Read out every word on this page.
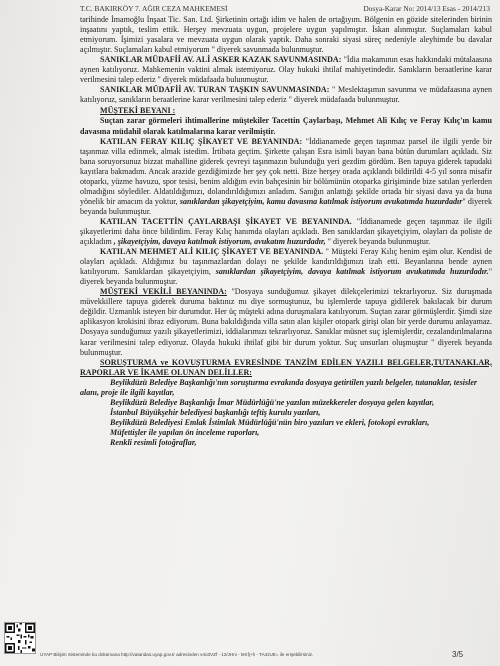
T.C. BAKIRKÖY 7. AĞIR CEZA MAHKEMESİ	Dosya-Karar No: 2014/13 Esas - 2014/213

tarihinde İmamoğlu İnşaat Tic. San. Ltd. Şirketinin ortağı idim ve halen de ortağıyım. Bölgenin en gözide sitelerinden birinin inşaatını yaptık, teslim ettik. Herşey mevzuata uygun, projelere uygun yapılmıştır. İskan alınmıştır. Suçlamaları kabul etmiyorum. İşimizi yasalara ve mevzuata uygun olarak yaptık. Daha sonraki siyasi süreç nedeniyle aleyhimde bu davalar açılmıştır. Suçlamaları kabul etmiyorum " diyerek savunmada bulunmuştur.

SANIKLAR MÜDAFİİ AV. ALİ ASKER KAZAK SAVUNMASINDA: "İdia makamının esas hakkındaki mütalaasına aynen katılıyoruz. Mahkemenin vaktini almak istemiyoruz. Olay hukuki ihtilaf mahiyetindedir. Sanıkların beraatlerine karar verilmesini talep ederiz " diyerek müdafaada bulunmuştur.

SANIKLAR MÜDAFİİ AV. TURAN TAŞKIN SAVUNMASINDA: " Meslektaşımın savunma ve müdafaasına aynen katılıyoruz, sanıkların beraatlerine karar verilmesini talep ederiz " diyerek müdafaada bulunmuştur.

MÜŞTEKİ BEYANI :

Suçtan zarar görmeleri ihtimallerine müştekiler Tacettin Çaylarbaşı, Mehmet Ali Kılıç ve Feray Kılıç'ın kamu davasına müdahil olarak katılmalarına karar verilmiştir.

KATILAN FERAY KILIÇ ŞİKAYET VE BEYANINDA: "İddianamede geçen taşınmaz parsel ile ilgili yerde bir taşınmaz villa edinmek, almak istedim. İrtibata geçtim. Şirkette çalışan Esra isimli bayan bana bütün durumları açıkladı. Siz bana soruyorsunuz bizzat mahalline giderek çevreyi taşınmazın bulunduğu yeri gezdim gördüm. Ben tapuya giderek tapudaki kayıtlara bakmadım. Ancak arazide gezdiğimizde her şey çok netti. Bize herşey orada açıklandı bildirildi 4-5 yıl sonra misafir otoparkı, yüzme havuzu, spor tesisi, benim aldığım evin bahçesinin bir bölümünün otoparka girişiminde bize satılan yerlerden olmadığını söylediler. Aldatıldığımızı, dolandırıldığımızı anladım. Sanığın anlattığı şekilde ortada bir siyasi dava ya da buna yönelik bir amacım da yoktur, sanıklardan şikayetçiyim, kamu davasına katılmak istiyorum avukatımda huzurdadır" diyerek beyanda bulunmuştur.

KATILAN TACETTİN ÇAYLARBAŞI ŞİKAYET VE BEYANINDA. "İddianamede geçen taşınmaz ile ilgili şikayetlerimi daha önce bildirdim. Feray Kılıç hanımda olayları açıkladı. Ben sanıklardan şikayetçiyim, olayları da poliste de açıkladım , şikayetçiyim, davaya katılmak istiyorum, avukatım huzurdadır, " diyerek beyanda bulunmuştur.

KATILAN MEHMET ALİ KILIÇ ŞİKAYET VE BEYANINDA. " Müşteki Feray Kılıç benim eşim olur. Kendisi de olayları açıkladı. Aldığımız bu taşınmazlardan dolayı ne şekilde kandırıldığımızı izah etti. Beyanlarına bende aynen katılıyorum. Sanıklardan şikayetçiyim, sanıklardan şikayetçiyim, davaya katılmak istiyorum avukatımda huzurdadır." diyerek beyanda bulunmuştur.

MÜŞTEKİ VEKİLİ BEYANINDA: "Dosyaya sunduğumuz şikayet dilekçelerimizi tekrarlıyoruz. Siz duruşmada müvekkillere tapuya giderek duruma baktınız mı diye sormuştunuz, bu işlemlerde tapuya gidilerek bakılacak bir durum değildir. Uzmanlık isteyen bir durumdur. Her üç müşteki adına duruşmalara katılıyorum. Suçtan zarar görmüşlerdir. Şimdi size aplikasyon krokisini ibraz ediyorum. Buna bakıldığında villa satın alan kişiler otopark girişi olan bir yerde durumu anlayamaz. Dosyaya sunduğumuz yazılı şikayetlerimizi, iddialarımızı tekrarlıyoruz. Sanıklar müsnet suç işlemişlerdir, cezalandırılmalarına karar verilmesini talep ediyoruz. Olayda hukuki ihtilaf gibi bir durum yoktur. Suç unsurları oluşmuştur " diyerek beyanda bulunmuştur.

SORUŞTURMA ve KOVUŞTURMA EVRESİNDE TANZİM EDİLEN YAZILI BELGELER,TUTANAKLAR, RAPORLAR VE İKAME OLUNAN DELİLLER:

Beylikdüzü Belediye Başkanlığı'nın soruşturma evrakında dosyaya getirtilen yazılı belgeler, tutanaklar, tesisler alanı, proje ile ilgili kayıtlar,

Beylikdüzü Belediye Başkanlığı İmar Müdürlüğü'ne yazılan müzekkereler dosyaya gelen kayıtlar,

İstanbul Büyükşehir belediyesi başkanlığı teftiş kurulu yazıları,

Beylikdüzü Belediyesi Emlak İstimlak Müdürlüğü'nün biro yazıları ve ekleri, fotokopi evrakları,

Müfettişler ile yapılan ön inceleme raporları,

Renkli resimli fotoğraflar,

UYAP Bilişim Sisteminde bu dokümana http://vatandas.uyap.gov.tr adresinden v4o3VZf - 12/JHni - kIKfj+h - TA4zUE= ile erişebilirsiniz.	3/5
